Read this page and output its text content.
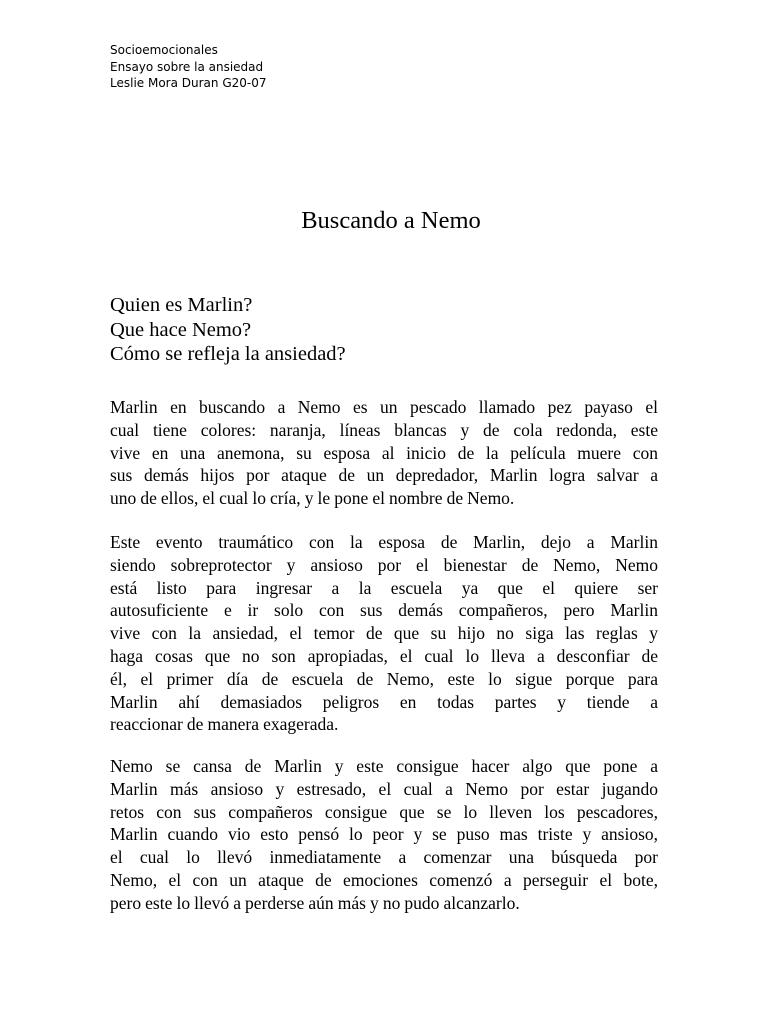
Socioemocionales
Ensayo sobre la ansiedad
Leslie Mora Duran G20-07
Buscando a Nemo
Quien es Marlin?
Que hace Nemo?
Cómo se refleja la ansiedad?
Marlin en buscando a Nemo es un pescado llamado pez payaso el
cual tiene colores: naranja, líneas blancas y de cola redonda, este
vive en una anemona, su esposa al inicio de la película muere con
sus demás hijos por ataque de un depredador, Marlin logra salvar a
uno de ellos, el cual lo cría, y le pone el nombre de Nemo.
Este evento traumático con la esposa de Marlin, dejo a Marlin
siendo sobreprotector y ansioso por el bienestar de Nemo, Nemo
está listo para ingresar a la escuela ya que el quiere ser
autosuficiente e ir solo con sus demás compañeros, pero Marlin
vive con la ansiedad, el temor de que su hijo no siga las reglas y
haga cosas que no son apropiadas, el cual lo lleva a desconfiar de
él, el primer día de escuela de Nemo, este lo sigue porque para
Marlin ahí demasiados peligros en todas partes y tiende a
reaccionar de manera exagerada.
Nemo se cansa de Marlin y este consigue hacer algo que pone a
Marlin más ansioso y estresado, el cual a Nemo por estar jugando
retos con sus compañeros consigue que se lo lleven los pescadores,
Marlin cuando vio esto pensó lo peor y se puso mas triste y ansioso,
el cual lo llevó inmediatamente a comenzar una búsqueda por
Nemo, el con un ataque de emociones comenzó a perseguir el bote,
pero este lo llevó a perderse aún más y no pudo alcanzarlo.
